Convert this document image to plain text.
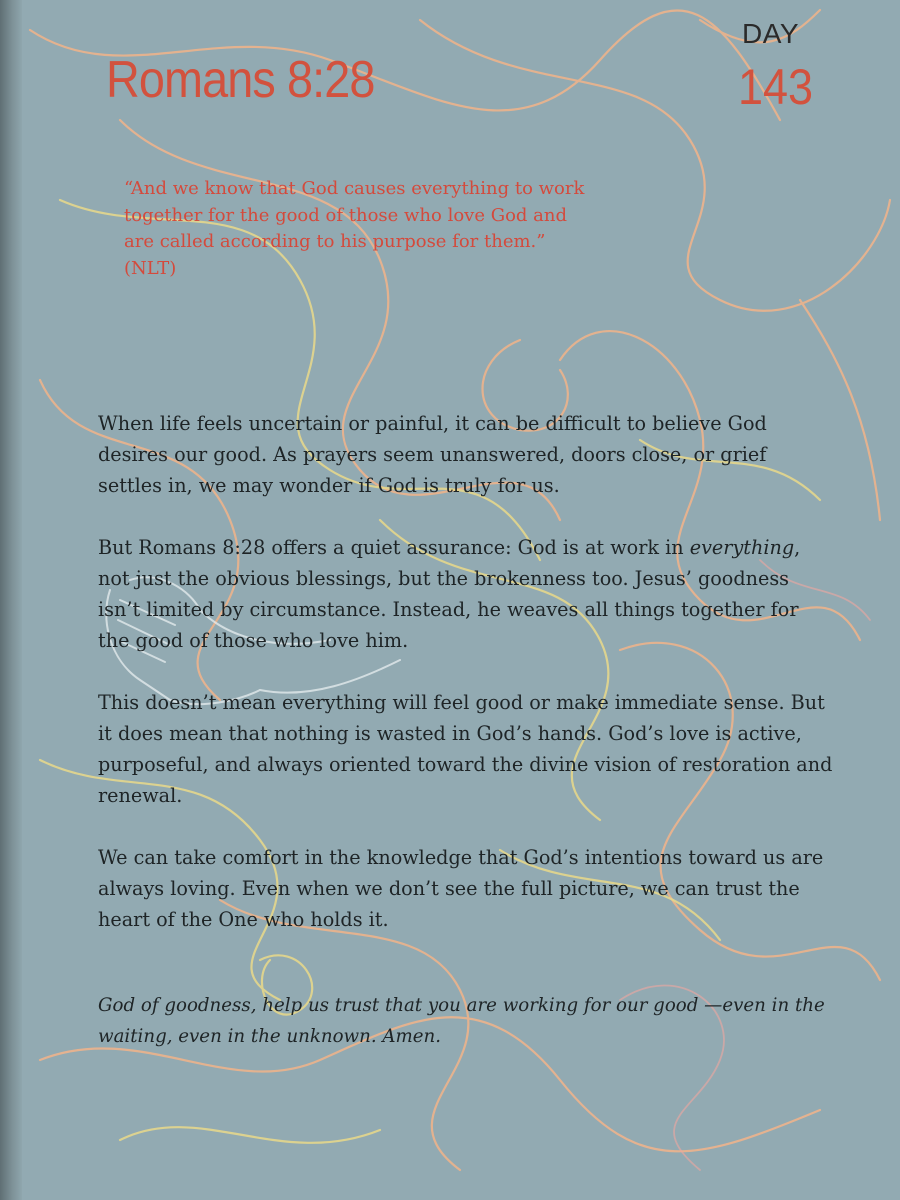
Romans 8:28
DAY
143

“And we know that God causes everything to work together for the good of those who love God and are called according to his purpose for them.” (NLT)

When life feels uncertain or painful, it can be difficult to believe God desires our good. As prayers seem unanswered, doors close, or grief settles in, we may wonder if God is truly for us.

But Romans 8:28 offers a quiet assurance: God is at work in everything, not just the obvious blessings, but the brokenness too. Jesus’ goodness isn’t limited by circumstance. Instead, he weaves all things together for the good of those who love him.

This doesn’t mean everything will feel good or make immediate sense. But it does mean that nothing is wasted in God’s hands. God’s love is active, purposeful, and always oriented toward the divine vision of restoration and renewal.

We can take comfort in the knowledge that God’s intentions toward us are always loving. Even when we don’t see the full picture, we can trust the heart of the One who holds it.

God of goodness, help us trust that you are working for our good —even in the waiting, even in the unknown. Amen.
